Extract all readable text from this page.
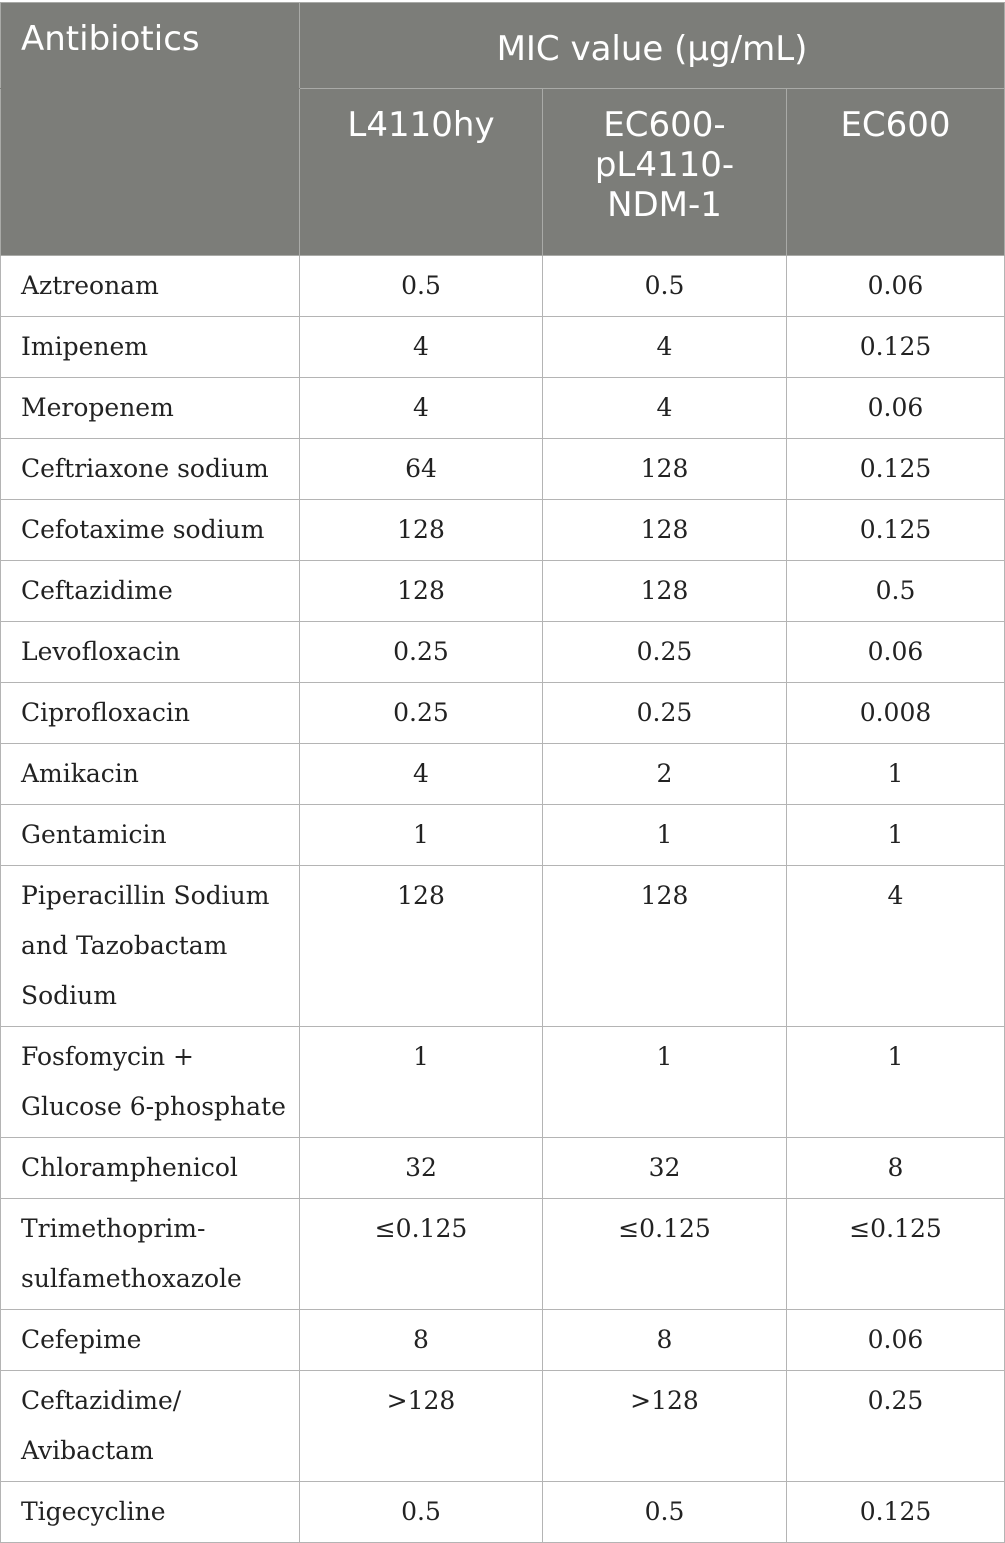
Antibiotics	MIC value (μg/mL)		
	L4110hy	EC600-
pL4110-
NDM-1	EC600
Aztreonam	0.5	0.5	0.06
Imipenem	4	4	0.125
Meropenem	4	4	0.06
Ceftriaxone sodium	64	128	0.125
Cefotaxime sodium	128	128	0.125
Ceftazidime	128	128	0.5
Levofloxacin	0.25	0.25	0.06
Ciprofloxacin	0.25	0.25	0.008
Amikacin	4	2	1
Gentamicin	1	1	1
Piperacillin Sodium
and Tazobactam
Sodium	128	128	4
Fosfomycin +
Glucose 6-phosphate	1	1	1
Chloramphenicol	32	32	8
Trimethoprim-
sulfamethoxazole	≤0.125	≤0.125	≤0.125
Cefepime	8	8	0.06
Ceftazidime/
Avibactam	>128	>128	0.25
Tigecycline	0.5	0.5	0.125
